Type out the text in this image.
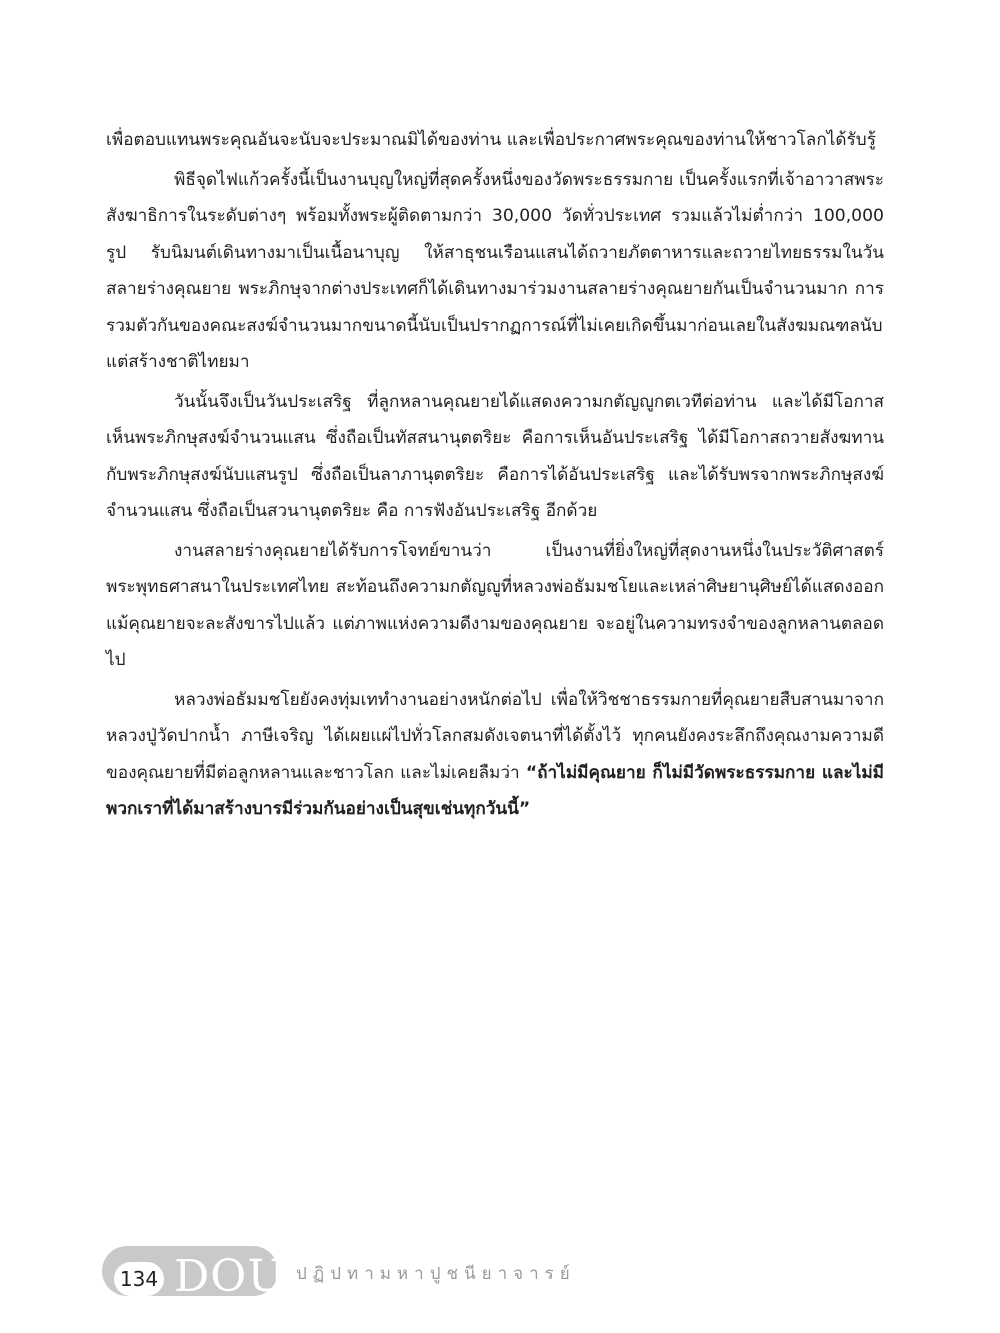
เพื่อตอบแทนพระคุณอันจะนับจะประมาณมิได้ของท่าน และเพื่อประกาศพระคุณของท่านให้ชาวโลกได้รับรู้

พิธีจุดไฟแก้วครั้งนี้เป็นงานบุญใหญ่ที่สุดครั้งหนึ่งของวัดพระธรรมกาย เป็นครั้งแรกที่เจ้าอาวาสพระสังฆาธิการในระดับต่างๆ พร้อมทั้งพระผู้ติดตามกว่า 30,000 วัดทั่วประเทศ รวมแล้วไม่ต่ำกว่า 100,000 รูป รับนิมนต์เดินทางมาเป็นเนื้อนาบุญ ให้สาธุชนเรือนแสนได้ถวายภัตตาหารและถวายไทยธรรมในวันสลายร่างคุณยาย พระภิกษุจากต่างประเทศก็ได้เดินทางมาร่วมงานสลายร่างคุณยายกันเป็นจำนวนมาก การรวมตัวกันของคณะสงฆ์จำนวนมากขนาดนี้นับเป็นปรากฏการณ์ที่ไม่เคยเกิดขึ้นมาก่อนเลยในสังฆมณฑลนับแต่สร้างชาติไทยมา

วันนั้นจึงเป็นวันประเสริฐ ที่ลูกหลานคุณยายได้แสดงความกตัญญูกตเวทีต่อท่าน และได้มีโอกาสเห็นพระภิกษุสงฆ์จำนวนแสน ซึ่งถือเป็นทัสสนานุตตริยะ คือการเห็นอันประเสริฐ ได้มีโอกาสถวายสังฆทานกับพระภิกษุสงฆ์นับแสนรูป ซึ่งถือเป็นลาภานุตตริยะ คือการได้อันประเสริฐ และได้รับพรจากพระภิกษุสงฆ์จำนวนแสน ซึ่งถือเป็นสวนานุตตริยะ คือ การฟังอันประเสริฐ อีกด้วย

งานสลายร่างคุณยายได้รับการโจทย์ขานว่า เป็นงานที่ยิ่งใหญ่ที่สุดงานหนึ่งในประวัติศาสตร์พระพุทธศาสนาในประเทศไทย สะท้อนถึงความกตัญญูที่หลวงพ่อธัมมชโยและเหล่าศิษยานุศิษย์ได้แสดงออก แม้คุณยายจะละสังขารไปแล้ว แต่ภาพแห่งความดีงามของคุณยาย จะอยู่ในความทรงจำของลูกหลานตลอดไป

หลวงพ่อธัมมชโยยังคงทุ่มเททำงานอย่างหนักต่อไป เพื่อให้วิชชาธรรมกายที่คุณยายสืบสานมาจากหลวงปู่วัดปากน้ำ ภาษีเจริญ ได้เผยแผ่ไปทั่วโลกสมดังเจตนาที่ได้ตั้งไว้ ทุกคนยังคงระลึกถึงคุณงามความดีของคุณยายที่มีต่อลูกหลานและชาวโลก และไม่เคยลืมว่า “ถ้าไม่มีคุณยาย ก็ไม่มีวัดพระธรรมกาย และไม่มีพวกเราที่ได้มาสร้างบารมีร่วมกันอย่างเป็นสุขเช่นทุกวันนี้”

134 DOU ปฏิปทามหาปูชนียาจารย์
